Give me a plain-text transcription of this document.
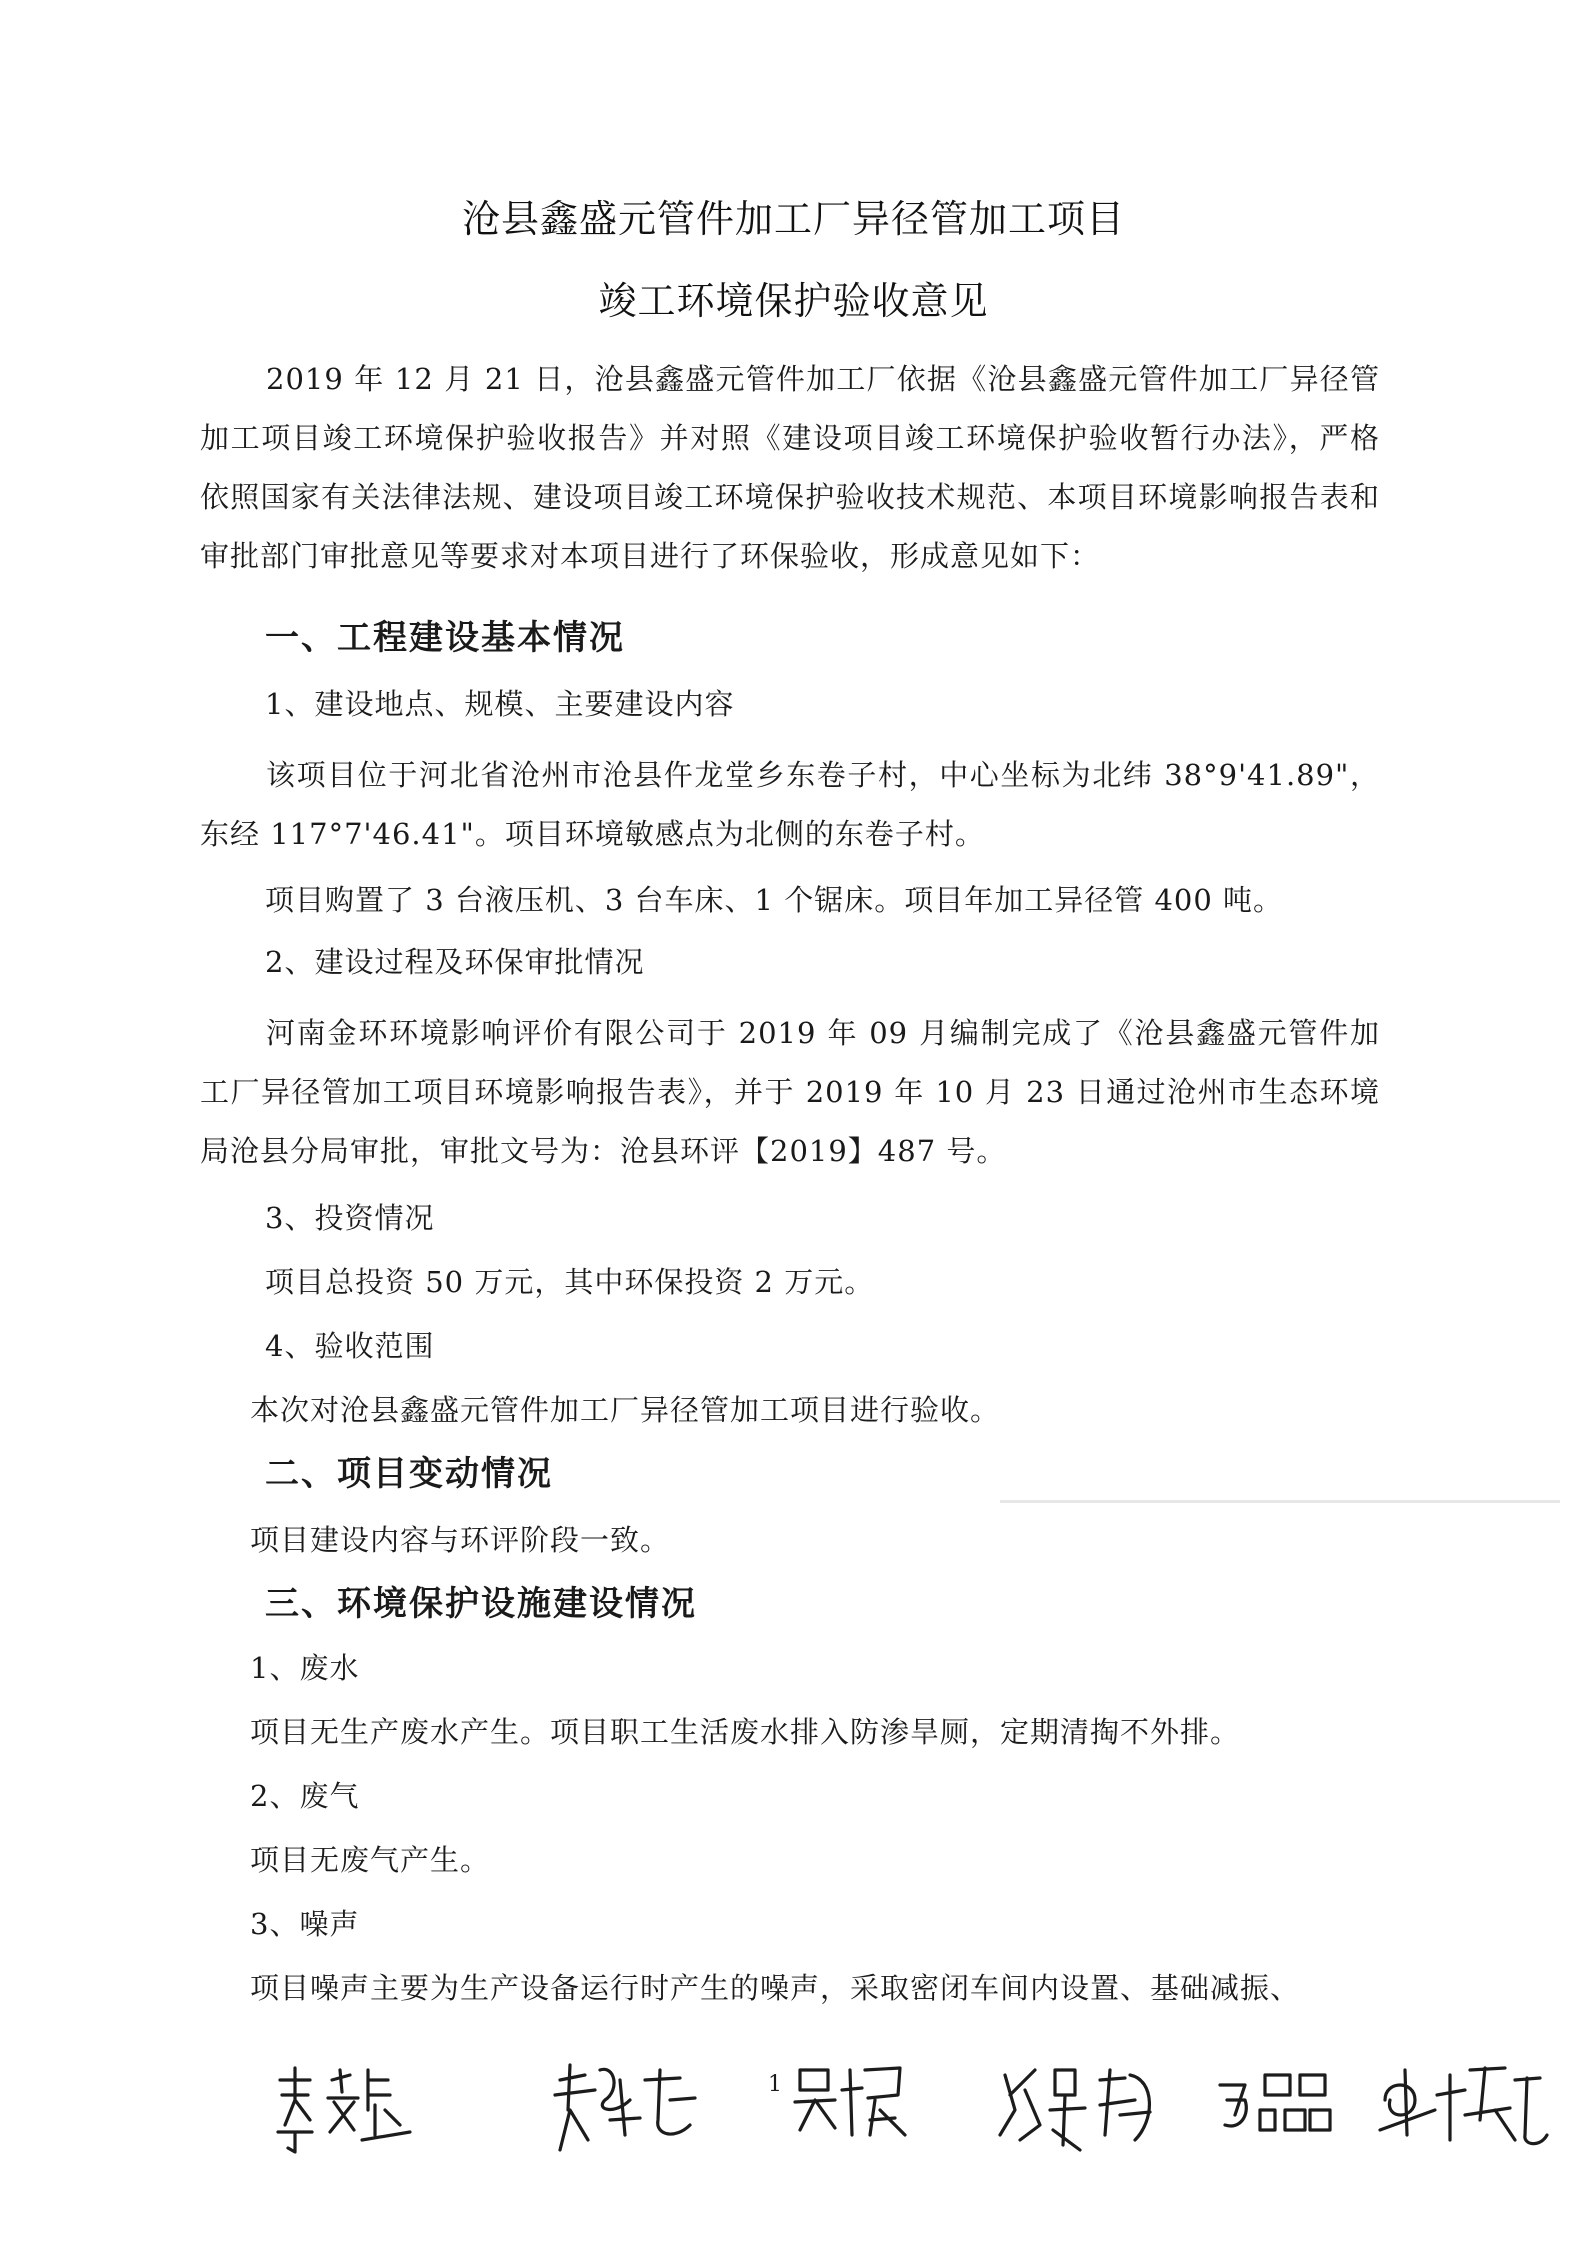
沧县鑫盛元管件加工厂异径管加工项目
竣工环境保护验收意见

2019 年 12 月 21 日，沧县鑫盛元管件加工厂依据《沧县鑫盛元管件加工厂异径管加工项目竣工环境保护验收报告》并对照《建设项目竣工环境保护验收暂行办法》，严格依照国家有关法律法规、建设项目竣工环境保护验收技术规范、本项目环境影响报告表和审批部门审批意见等要求对本项目进行了环保验收，形成意见如下：

一、工程建设基本情况
1、建设地点、规模、主要建设内容

该项目位于河北省沧州市沧县仵龙堂乡东卷子村，中心坐标为北纬 38°9'41.89"，东经 117°7'46.41"。项目环境敏感点为北侧的东卷子村。

项目购置了 3 台液压机、3 台车床、1 个锯床。项目年加工异径管 400 吨。
2、建设过程及环保审批情况

河南金环环境影响评价有限公司于 2019 年 09 月编制完成了《沧县鑫盛元管件加工厂异径管加工项目环境影响报告表》，并于 2019 年 10 月 23 日通过沧州市生态环境局沧县分局审批，审批文号为：沧县环评【2019】487 号。

3、投资情况
项目总投资 50 万元，其中环保投资 2 万元。
4、验收范围
本次对沧县鑫盛元管件加工厂异径管加工项目进行验收。
二、项目变动情况
项目建设内容与环评阶段一致。
三、环境保护设施建设情况
1、废水
项目无生产废水产生。项目职工生活废水排入防渗旱厕，定期清掏不外排。
2、废气
项目无废气产生。
3、噪声
项目噪声主要为生产设备运行时产生的噪声，采取密闭车间内设置、基础减振、
1
